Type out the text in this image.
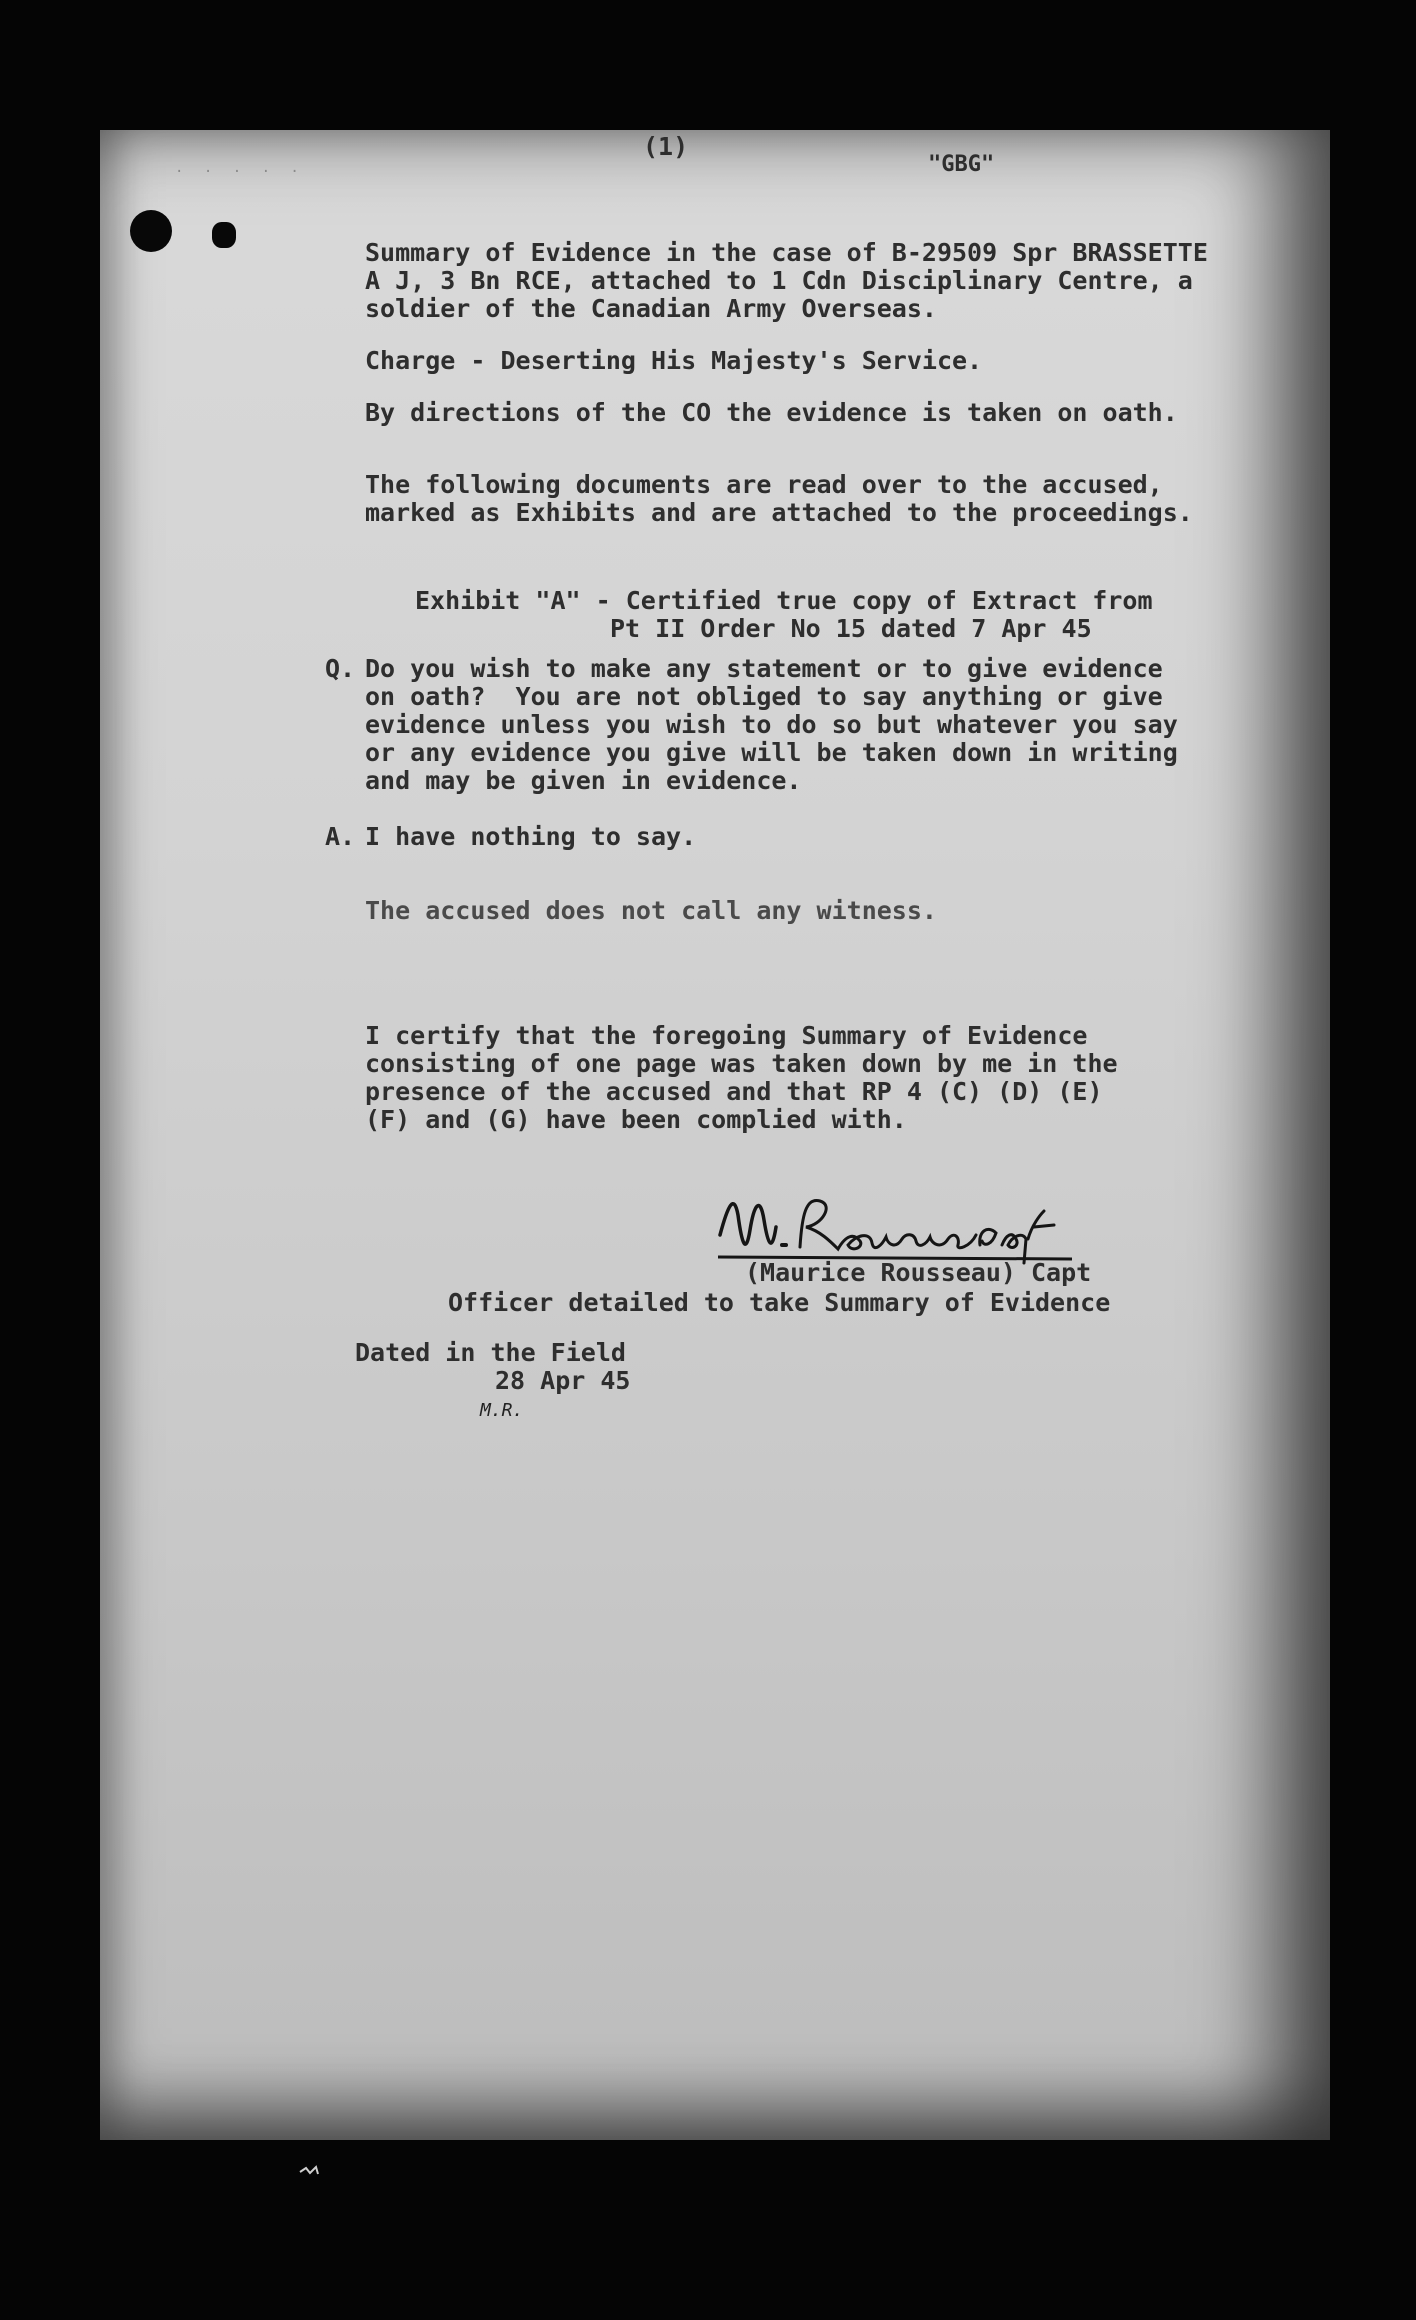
. . . . .
(1)
"GBG"
Summary of Evidence in the case of B-29509 Spr BRASSETTE
A J, 3 Bn RCE, attached to 1 Cdn Disciplinary Centre, a
soldier of the Canadian Army Overseas.
Charge - Deserting His Majesty's Service.
By directions of the CO the evidence is taken on oath.
The following documents are read over to the accused,
marked as Exhibits and are attached to the proceedings.
Exhibit "A" - Certified true copy of Extract from
Pt II Order No 15 dated 7 Apr 45
Q. Do you wish to make any statement or to give evidence
on oath?  You are not obliged to say anything or give
evidence unless you wish to do so but whatever you say
or any evidence you give will be taken down in writing
and may be given in evidence.
A. I have nothing to say.
The accused does not call any witness.
I certify that the foregoing Summary of Evidence
consisting of one page was taken down by me in the
presence of the accused and that RP 4 (C) (D) (E)
(F) and (G) have been complied with.
(Maurice Rousseau) Capt
Officer detailed to take Summary of Evidence
Dated in the Field
28 Apr 45
M.R.
